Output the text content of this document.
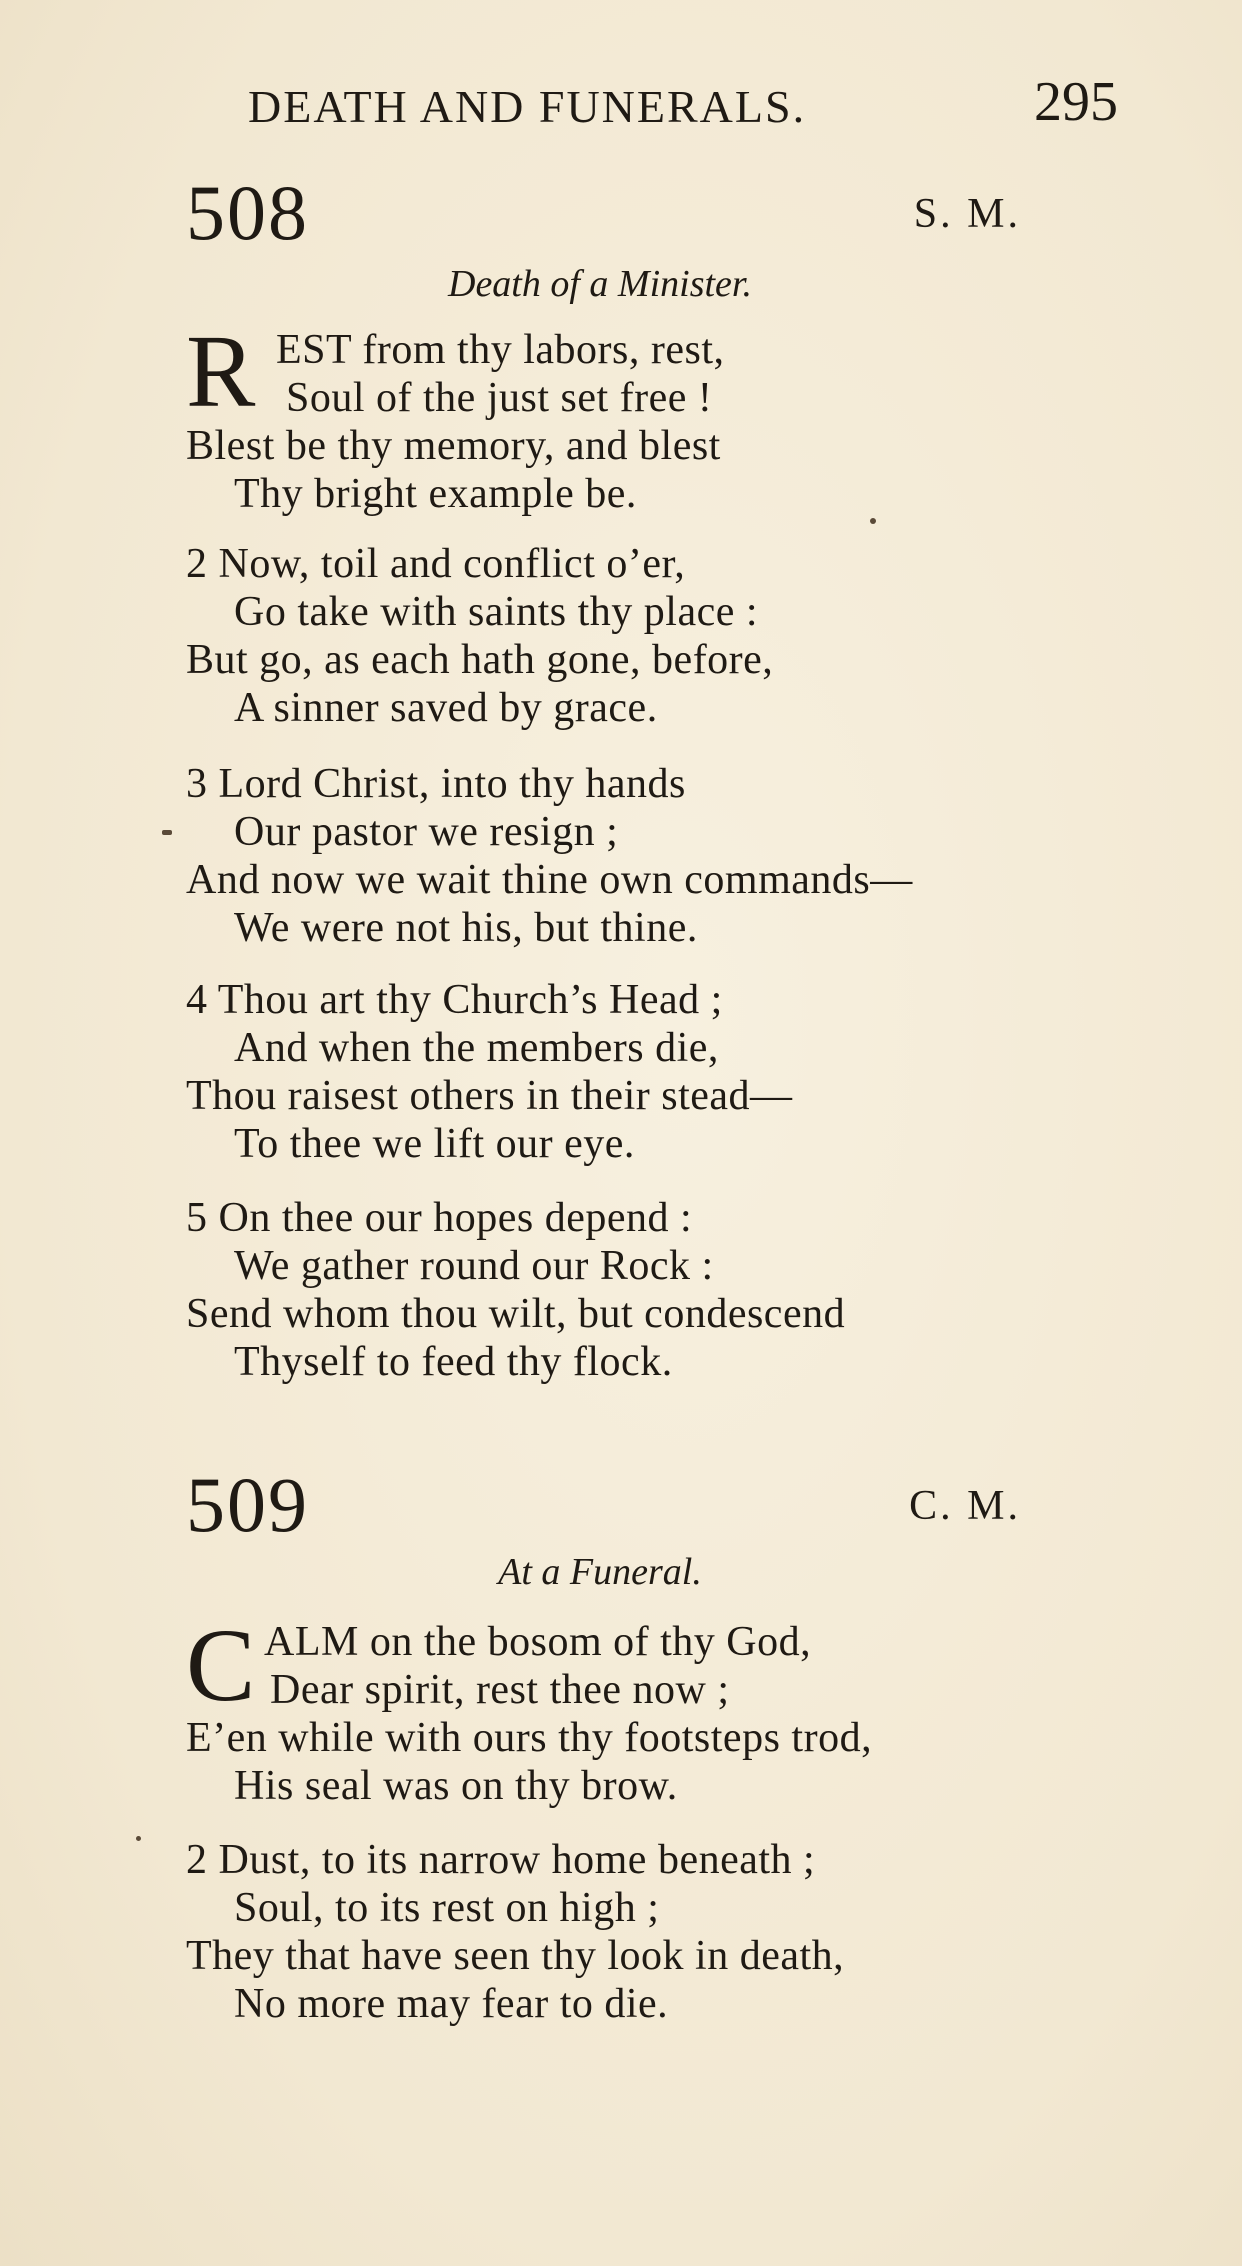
DEATH AND FUNERALS.	295
508	S. M.
Death of a Minister.
R EST from thy labors, rest,
Soul of the just set free !
Blest be thy memory, and blest
Thy bright example be.
2 Now, toil and conflict o’er,
Go take with saints thy place :
But go, as each hath gone, before,
A sinner saved by grace.
3 Lord Christ, into thy hands
Our pastor we resign ;
And now we wait thine own commands—
We were not his, but thine.
4 Thou art thy Church’s Head ;
And when the members die,
Thou raisest others in their stead—
To thee we lift our eye.
5 On thee our hopes depend :
We gather round our Rock :
Send whom thou wilt, but condescend
Thyself to feed thy flock.
509	C. M.
At a Funeral.
C ALM on the bosom of thy God,
Dear spirit, rest thee now ;
E’en while with ours thy footsteps trod,
His seal was on thy brow.
2 Dust, to its narrow home beneath ;
Soul, to its rest on high ;
They that have seen thy look in death,
No more may fear to die.
